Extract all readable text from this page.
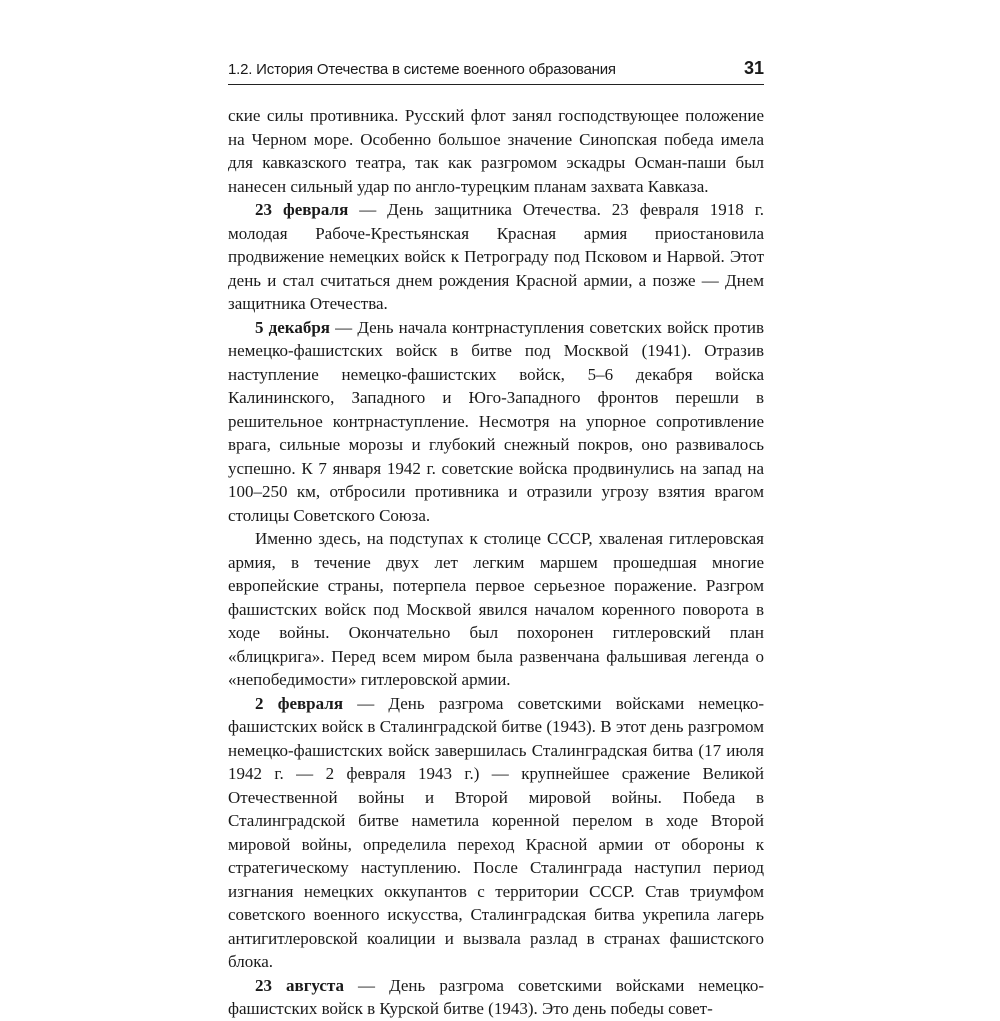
1.2. История Отечества в системе военного образования	31

ские силы противника. Русский флот занял господствующее положение на Черном море. Особенно большое значение Синопская победа имела для кавказского театра, так как разгромом эскадры Осман-паши был нанесен сильный удар по англо-турецким планам захвата Кавказа.

23 февраля — День защитника Отечества. 23 февраля 1918 г. молодая Рабоче-Крестьянская Красная армия приостановила продвижение немецких войск к Петрограду под Псковом и Нарвой. Этот день и стал считаться днем рождения Красной армии, а позже — Днем защитника Отечества.

5 декабря — День начала контрнаступления советских войск против немецко-фашистских войск в битве под Москвой (1941). Отразив наступление немецко-фашистских войск, 5–6 декабря войска Калининского, Западного и Юго-Западного фронтов перешли в решительное контрнаступление. Несмотря на упорное сопротивление врага, сильные морозы и глубокий снежный покров, оно развивалось успешно. К 7 января 1942 г. советские войска продвинулись на запад на 100–250 км, отбросили противника и отразили угрозу взятия врагом столицы Советского Союза.

Именно здесь, на подступах к столице СССР, хваленая гитлеровская армия, в течение двух лет легким маршем прошедшая многие европейские страны, потерпела первое серьезное поражение. Разгром фашистских войск под Москвой явился началом коренного поворота в ходе войны. Окончательно был похоронен гитлеровский план «блицкрига». Перед всем миром была развенчана фальшивая легенда о «непобедимости» гитлеровской армии.

2 февраля — День разгрома советскими войсками немецко-фашистских войск в Сталинградской битве (1943). В этот день разгромом немецко-фашистских войск завершилась Сталинградская битва (17 июля 1942 г. — 2 февраля 1943 г.) — крупнейшее сражение Великой Отечественной войны и Второй мировой войны. Победа в Сталинградской битве наметила коренной перелом в ходе Второй мировой войны, определила переход Красной армии от обороны к стратегическому наступлению. После Сталинграда наступил период изгнания немецких оккупантов с территории СССР. Став триумфом советского военного искусства, Сталинградская битва укрепила лагерь антигитлеровской коалиции и вызвала разлад в странах фашистского блока.

23 августа — День разгрома советскими войсками немецко-фашистских войск в Курской битве (1943). Это день победы совет-
